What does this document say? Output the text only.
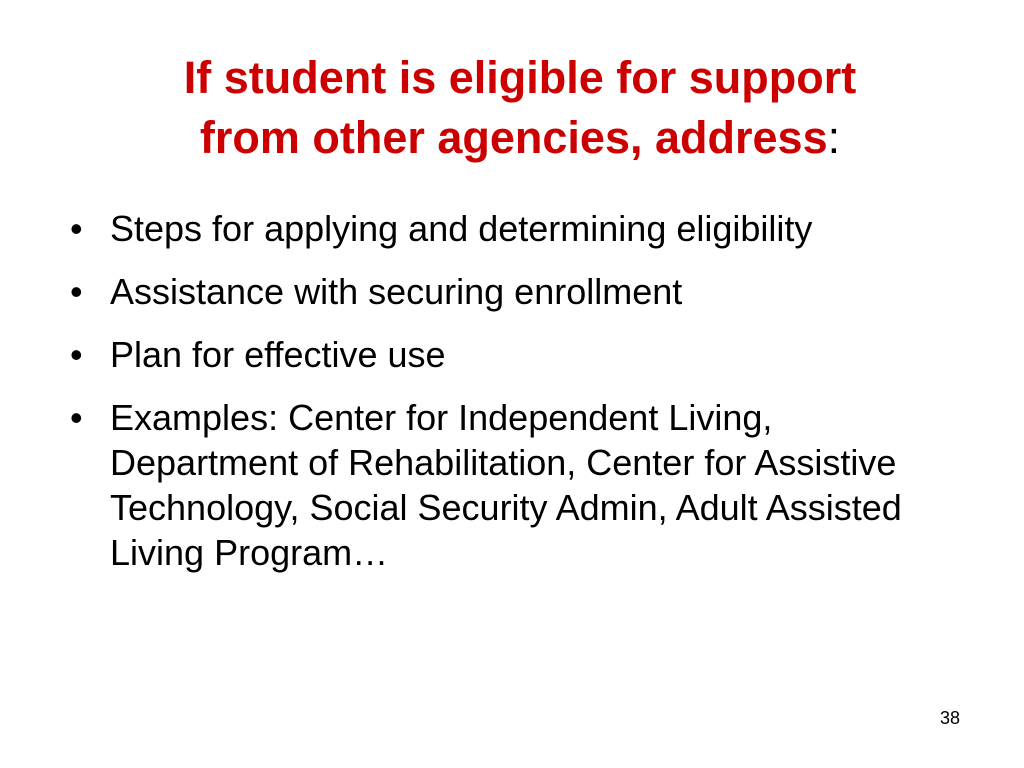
If student is eligible for support
from other agencies, address:
• Steps for applying and determining eligibility
• Assistance with securing enrollment
• Plan for effective use
• Examples: Center for Independent Living, Department of Rehabilitation, Center for Assistive Technology, Social Security Admin, Adult Assisted Living Program…
38
